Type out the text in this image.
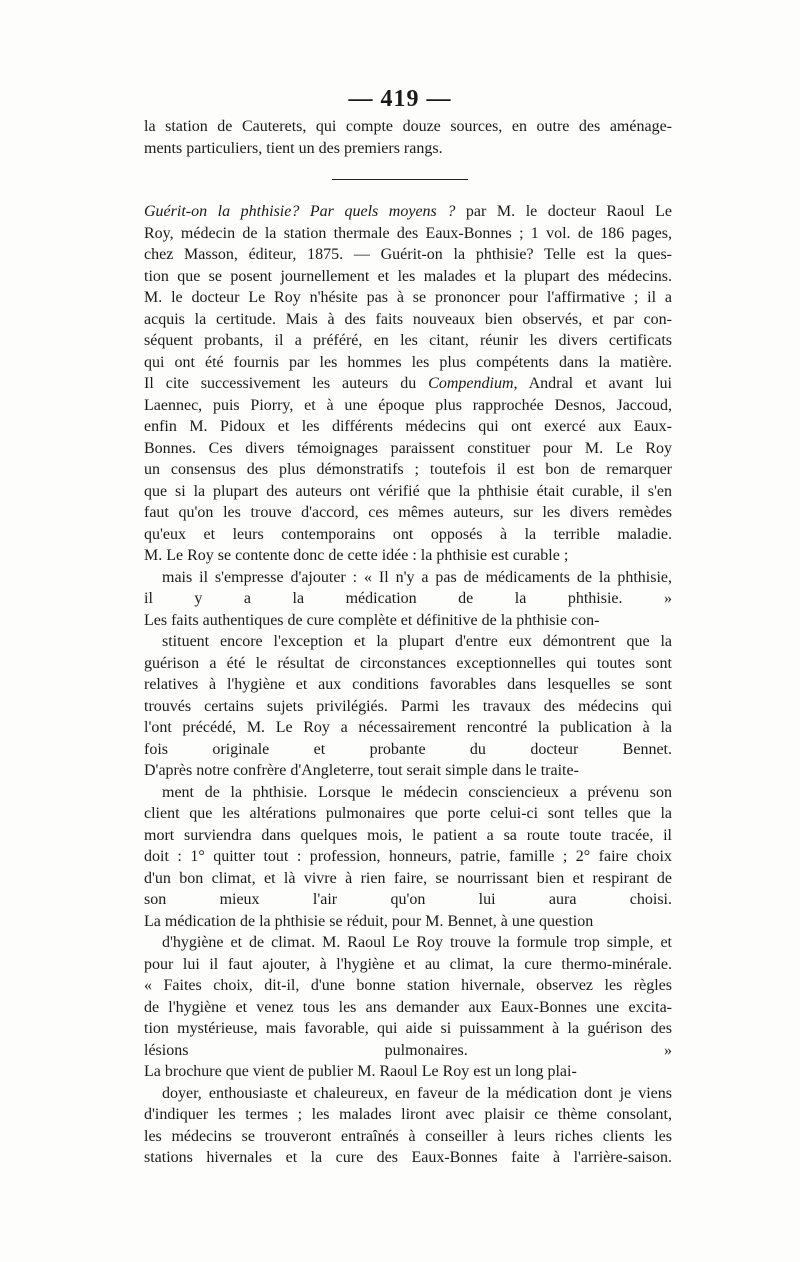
— 419 —
la station de Cauterets, qui compte douze sources, en outre des aménage-
ments particuliers, tient un des premiers rangs.
Guérit-on la phthisie? Par quels moyens ? par M. le docteur Raoul Le
Roy, médecin de la station thermale des Eaux-Bonnes ; 1 vol. de 186 pages,
chez Masson, éditeur, 1875. — Guérit-on la phthisie? Telle est la ques-
tion que se posent journellement et les malades et la plupart des médecins.
M. le docteur Le Roy n'hésite pas à se prononcer pour l'affirmative ; il a
acquis la certitude. Mais à des faits nouveaux bien observés, et par con-
séquent probants, il a préféré, en les citant, réunir les divers certificats
qui ont été fournis par les hommes les plus compétents dans la matière.
Il cite successivement les auteurs du Compendium, Andral et avant lui
Laennec, puis Piorry, et à une époque plus rapprochée Desnos, Jaccoud,
enfin M. Pidoux et les différents médecins qui ont exercé aux Eaux-
Bonnes. Ces divers témoignages paraissent constituer pour M. Le Roy
un consensus des plus démonstratifs ; toutefois il est bon de remarquer
que si la plupart des auteurs ont vérifié que la phthisie était curable, il s'en
faut qu'on les trouve d'accord, ces mêmes auteurs, sur les divers remèdes
qu'eux et leurs contemporains ont opposés à la terrible maladie.
M. Le Roy se contente donc de cette idée : la phthisie est curable ;
mais il s'empresse d'ajouter : « Il n'y a pas de médicaments de la phthisie,
il y a la médication de la phthisie. »
Les faits authentiques de cure complète et définitive de la phthisie con-
stituent encore l'exception et la plupart d'entre eux démontrent que la
guérison a été le résultat de circonstances exceptionnelles qui toutes sont
relatives à l'hygiène et aux conditions favorables dans lesquelles se sont
trouvés certains sujets privilégiés. Parmi les travaux des médecins qui
l'ont précédé, M. Le Roy a nécessairement rencontré la publication à la
fois originale et probante du docteur Bennet.
D'après notre confrère d'Angleterre, tout serait simple dans le traite-
ment de la phthisie. Lorsque le médecin consciencieux a prévenu son
client que les altérations pulmonaires que porte celui-ci sont telles que la
mort surviendra dans quelques mois, le patient a sa route toute tracée, il
doit : 1° quitter tout : profession, honneurs, patrie, famille ; 2° faire choix
d'un bon climat, et là vivre à rien faire, se nourrissant bien et respirant de
son mieux l'air qu'on lui aura choisi.
La médication de la phthisie se réduit, pour M. Bennet, à une question
d'hygiène et de climat. M. Raoul Le Roy trouve la formule trop simple, et
pour lui il faut ajouter, à l'hygiène et au climat, la cure thermo-minérale.
« Faites choix, dit-il, d'une bonne station hivernale, observez les règles
de l'hygiène et venez tous les ans demander aux Eaux-Bonnes une excita-
tion mystérieuse, mais favorable, qui aide si puissamment à la guérison des
lésions pulmonaires. »
La brochure que vient de publier M. Raoul Le Roy est un long plai-
doyer, enthousiaste et chaleureux, en faveur de la médication dont je viens
d'indiquer les termes ; les malades liront avec plaisir ce thème consolant,
les médecins se trouveront entraînés à conseiller à leurs riches clients les
stations hivernales et la cure des Eaux-Bonnes faite à l'arrière-saison.
